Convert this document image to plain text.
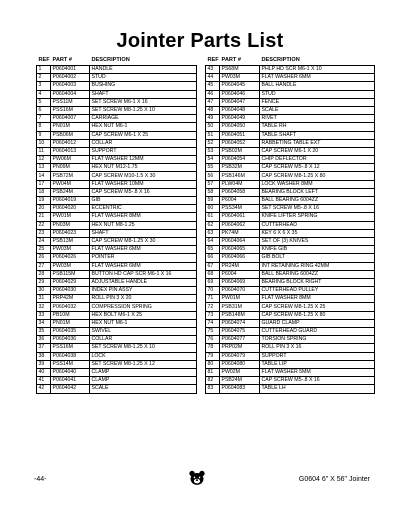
Jointer Parts List
REF	PART #	DESCRIPTION
1	P0604001	HANDLE
2	P0604002	STUD
3	P0604003	BUSHING
4	P0604004	SHAFT
5	PSS11M	SET SCREW M6-1 X 16
6	PSS16M	SET SCREW M8-1.25 X 10
7	P0604007	CARRIAGE
8	PN01M	HEX NUT M6-1
9	PSB06M	CAP SCREW M6-1 X 25
10	P0604012	COLLAR
11	P0604013	SUPPORT
12	PW06M	FLAT WASHER 12MM
13	PN09M	HEX NUT M12-1.75
14	PSB72M	CAP SCREW M10-1.5 X 30
17	PW04M	FLAT WASHER 10MM
18	PSB24M	CAP SCREW M5-.8 X 16
19	P0604019	GIB
20	P0604020	ECCENTRIC
21	PW01M	FLAT WASHER 8MM
22	PN03M	HEX NUT M8-1.25
23	P0604023	SHAFT
24	PSB13M	CAP SCREW M8-1.25 X 30
25	PW03M	FLAT WASHER 6MM
26	P0604026	POINTER
27	PW03M	FLAT WASHER 6MM
28	PSB115M	BUTTON HD CAP SCR M6-1 X 16
29	P0604029	ADJUSTABLE HANDLE
30	P0604030	INDEX PIN ASSY
31	PRP42M	ROLL PIN 3 X 20
32	P0604032	COMPRESSION SPRING
33	PB10M	HEX BOLT M6-1 X 25
34	PN01M	HEX NUT M6-1
35	P0604035	SWIVEL
36	P0604036	COLLAR
37	PSS16M	SET SCREW M8-1.25 X 10
38	P0604038	LOCK
39	PSS14M	SET SCREW M8-1.25 X 12
40	P0604040	CLAMP
41	P0604041	CLAMP
42	P0604042	SCALE
REF	PART #	DESCRIPTION
43	PS68M	PHLP HD SCR M6-1 X 10
44	PW03M	FLAT WASHER 6MM
45	P0604045	BALL HANDLE
46	P0604046	STUD
47	P0604047	FENCE
48	P0604048	SCALE
49	P0604049	RIVET
50	P0604050	TABLE RH
51	P0604051	TABLE SHAFT
52	P0604052	RABBETING TABLE EXT
53	PSB02M	CAP SCREW M6-1 X 20
54	P0604054	CHIP DEFLECTOR
55	PSB32M	CAP SCREW M5-.8 X 12
56	PSB146M	CAP SCREW M8-1.25 X 80
57	PLW04M	LOCK WASHER 8MM
58	P0604058	BEARING BLOCK LEFT
59	P6004	BALL BEARING 6004ZZ
60	PSS34M	SET SCREW M5-.8 X 16
61	P0604061	KNIFE LIFTER SPRING
62	P0604062	CUTTERHEAD
63	PK74M	KEY 6 X 6 X 35
64	P0604064	SET OF (3) KNIVES
65	P0604065	KNIFE GIB
66	P0604066	GIB BOLT
67	PR24M	INT RETAINING RING 42MM
68	P6004	BALL BEARING 6004ZZ
69	P0604069	BEARING BLOCK RIGHT
70	P0604070	CUTTERHEAD PULLEY
71	PW01M	FLAT WASHER 8MM
72	PSB31M	CAP SCREW M8-1.25 X 25
73	PSB148M	CAP SCREW M8-1.25 X 80
74	P0604074	GUARD CLAMP
75	P0604075	CUTTERHEAD GUARD
76	P0604077	TORSION SPRING
78	PRP02M	ROLL PIN 3 X 16
79	P0604079	SUPPORT
80	P0604080	TABLE LIP
81	PW02M	FLAT WASHER 5MM
82	PSB24M	CAP SCREW M5-.8 X 16
83	P0604083	TABLE LH
-44-	G0604 6" X 56" Jointer
